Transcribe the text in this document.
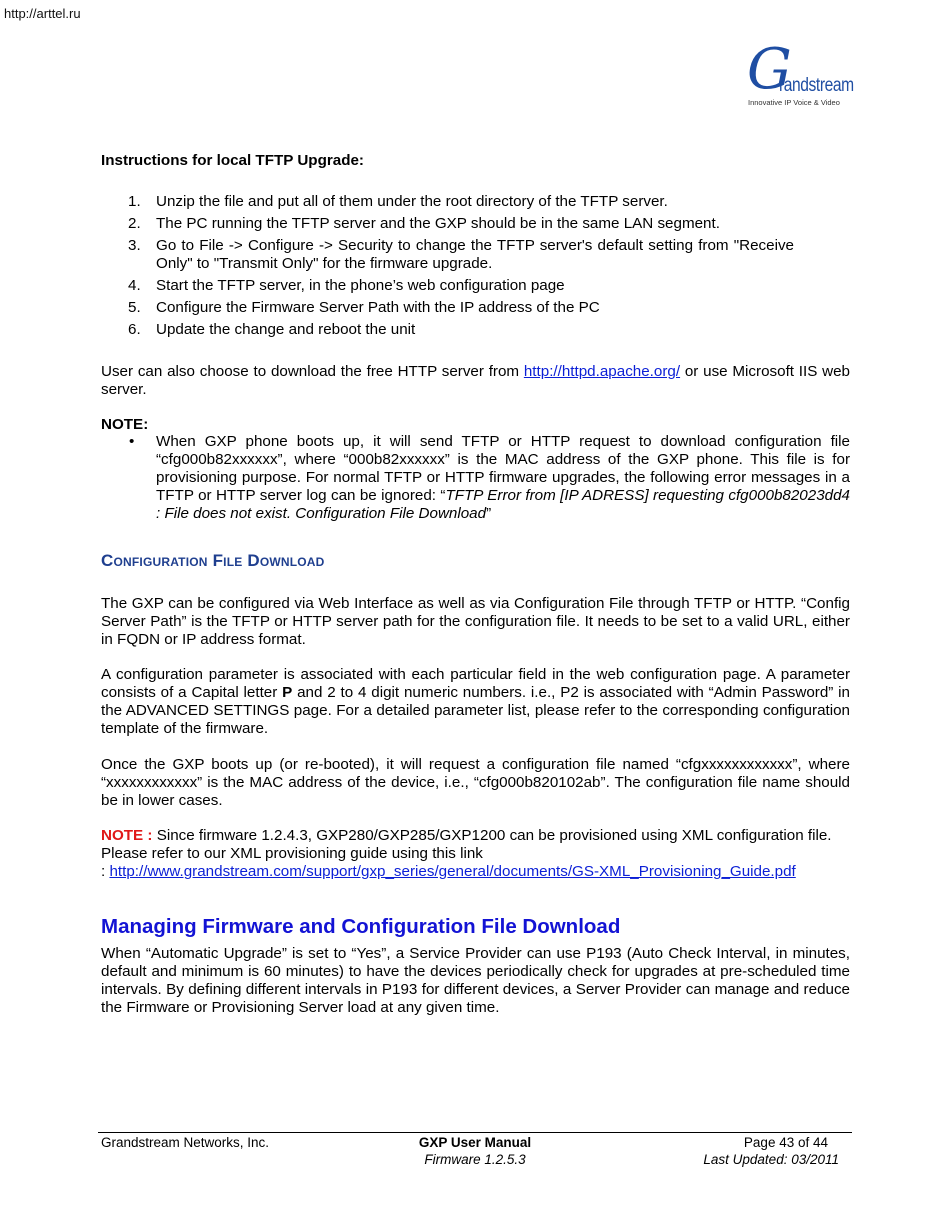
http://arttel.ru
G
randstream
Innovative IP Voice & Video
Instructions for local TFTP Upgrade:
1. Unzip the file and put all of them under the root directory of the TFTP server.
2. The PC running the TFTP server and the GXP should be in the same LAN segment.
3. Go to File -> Configure -> Security to change the TFTP server's default setting from "Receive Only" to "Transmit Only" for the firmware upgrade.
4. Start the TFTP server, in the phone’s web configuration page
5. Configure the Firmware Server Path with the IP address of the PC
6. Update the change and reboot the unit

User can also choose to download the free HTTP server from http://httpd.apache.org/ or use Microsoft IIS web server.

NOTE:
• When GXP phone boots up, it will send TFTP or HTTP request to download configuration file “cfg000b82xxxxxx”, where “000b82xxxxxx” is the MAC address of the GXP phone. This file is for provisioning purpose. For normal TFTP or HTTP firmware upgrades, the following error messages in a TFTP or HTTP server log can be ignored: “TFTP Error from [IP ADRESS] requesting cfg000b82023dd4 : File does not exist. Configuration File Download”
Configuration File Download

The GXP can be configured via Web Interface as well as via Configuration File through TFTP or HTTP. “Config Server Path” is the TFTP or HTTP server path for the configuration file. It needs to be set to a valid URL, either in FQDN or IP address format.

A configuration parameter is associated with each particular field in the web configuration page. A parameter consists of a Capital letter P and 2 to 4 digit numeric numbers. i.e., P2 is associated with “Admin Password” in the ADVANCED SETTINGS page. For a detailed parameter list, please refer to the corresponding configuration template of the firmware.

Once the GXP boots up (or re-booted), it will request a configuration file named “cfgxxxxxxxxxxxx”, where “xxxxxxxxxxxx” is the MAC address of the device, i.e., “cfg000b820102ab”. The configuration file name should be in lower cases.

NOTE : Since firmware 1.2.4.3, GXP280/GXP285/GXP1200 can be provisioned using XML configuration file. Please refer to our XML provisioning guide using this link
: http://www.grandstream.com/support/gxp_series/general/documents/GS-XML_Provisioning_Guide.pdf

Managing Firmware and Configuration File Download

When “Automatic Upgrade” is set to “Yes”, a Service Provider can use P193 (Auto Check Interval, in minutes, default and minimum is 60 minutes) to have the devices periodically check for upgrades at pre-scheduled time intervals. By defining different intervals in P193 for different devices, a Server Provider can manage and reduce the Firmware or Provisioning Server load at any given time.

Grandstream Networks, Inc.	GXP User Manual
Firmware 1.2.5.3
Page 43 of 44
Last Updated: 03/2011
